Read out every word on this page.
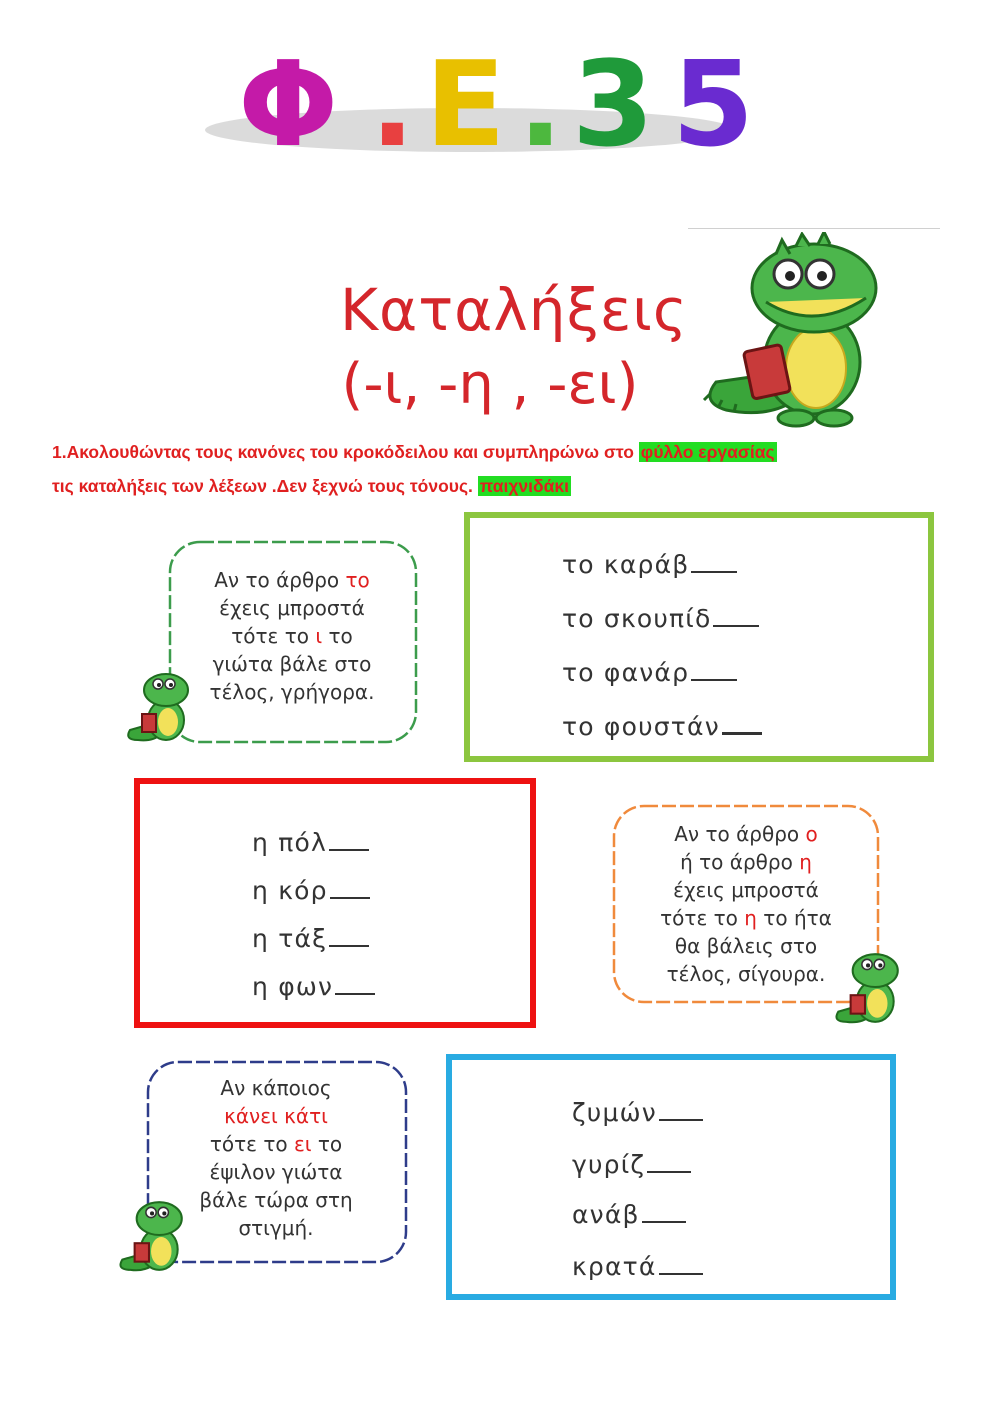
Φ . Ε . 3 5
Καταλήξεις
(-ι, -η , -ει)
1.Ακολουθώντας τους κανόνες του κροκόδειλου και συμπληρώνω στο φύλλο εργασίας
τις καταλήξεις των λέξεων .Δεν ξεχνώ τους τόνους. παιχνιδάκι
Αν το άρθρο το
έχεις μπροστά
τότε το ι το
γιώτα βάλε στο
τέλος, γρήγορα.
το καράβ
το σκουπίδ
το φανάρ
το φουστάν
η πόλ
η κόρ
η τάξ
η φων
Αν το άρθρο ο
ή το άρθρο η
έχεις μπροστά
τότε το η το ήτα
θα βάλεις στο
τέλος, σίγουρα.
Αν κάποιος
κάνει κάτι
τότε το ει το
έψιλον γιώτα
βάλε τώρα στη
στιγμή.
ζυμών
γυρίζ
ανάβ
κρατά
